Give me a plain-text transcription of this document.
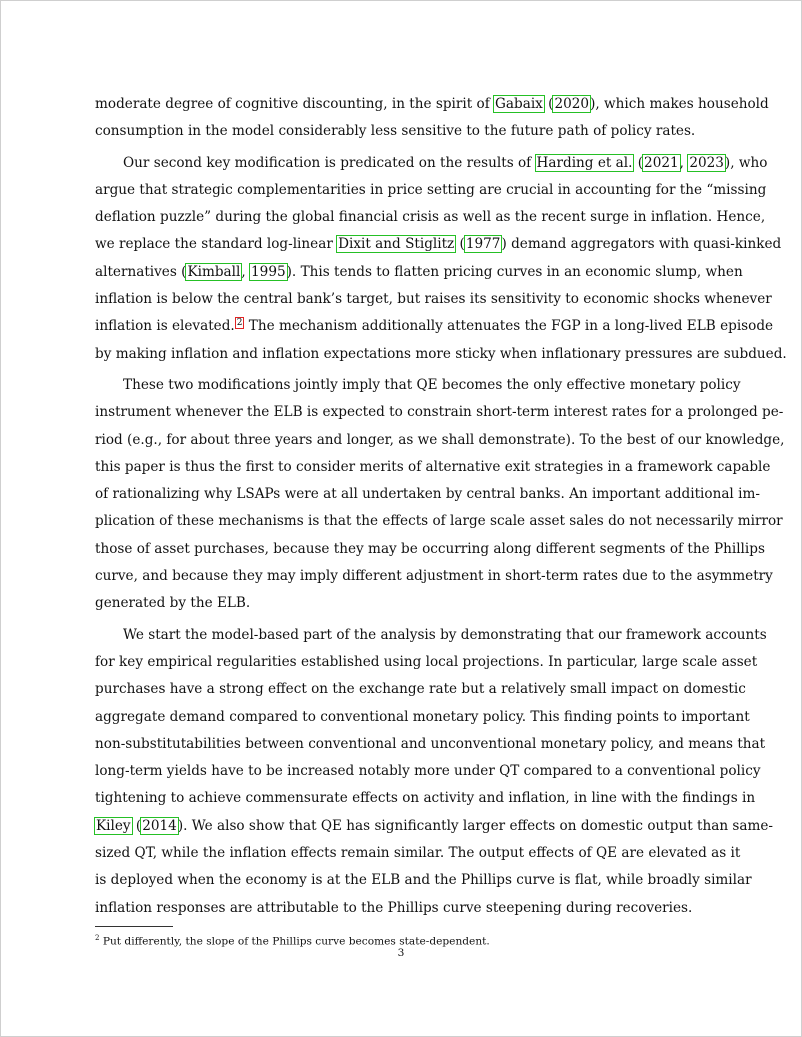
moderate degree of cognitive discounting, in the spirit of Gabaix (2020), which makes household
consumption in the model considerably less sensitive to the future path of policy rates.

Our second key modification is predicated on the results of Harding et al. (2021, 2023), who
argue that strategic complementarities in price setting are crucial in accounting for the “missing
deflation puzzle” during the global financial crisis as well as the recent surge in inflation. Hence,
we replace the standard log-linear Dixit and Stiglitz (1977) demand aggregators with quasi-kinked
alternatives (Kimball, 1995). This tends to flatten pricing curves in an economic slump, when
inflation is below the central bank’s target, but raises its sensitivity to economic shocks whenever
inflation is elevated. $^2$ The mechanism additionally attenuates the FGP in a long-lived ELB episode
by making inflation and inflation expectations more sticky when inflationary pressures are subdued.

These two modifications jointly imply that QE becomes the only effective monetary policy
instrument whenever the ELB is expected to constrain short-term interest rates for a prolonged pe-
riod (e.g., for about three years and longer, as we shall demonstrate). To the best of our knowledge,
this paper is thus the first to consider merits of alternative exit strategies in a framework capable
of rationalizing why LSAPs were at all undertaken by central banks. An important additional im-
plication of these mechanisms is that the effects of large scale asset sales do not necessarily mirror
those of asset purchases, because they may be occurring along different segments of the Phillips
curve, and because they may imply different adjustment in short-term rates due to the asymmetry
generated by the ELB.

We start the model-based part of the analysis by demonstrating that our framework accounts
for key empirical regularities established using local projections. In particular, large scale asset
purchases have a strong effect on the exchange rate but a relatively small impact on domestic
aggregate demand compared to conventional monetary policy. This finding points to important
non-substitutabilities between conventional and unconventional monetary policy, and means that
long-term yields have to be increased notably more under QT compared to a conventional policy
tightening to achieve commensurate effects on activity and inflation, in line with the findings in
Kiley (2014). We also show that QE has significantly larger effects on domestic output than same-
sized QT, while the inflation effects remain similar. The output effects of QE are elevated as it
is deployed when the economy is at the ELB and the Phillips curve is flat, while broadly similar
inflation responses are attributable to the Phillips curve steepening during recoveries.

$^2$ Put differently, the slope of the Phillips curve becomes state-dependent.
3
